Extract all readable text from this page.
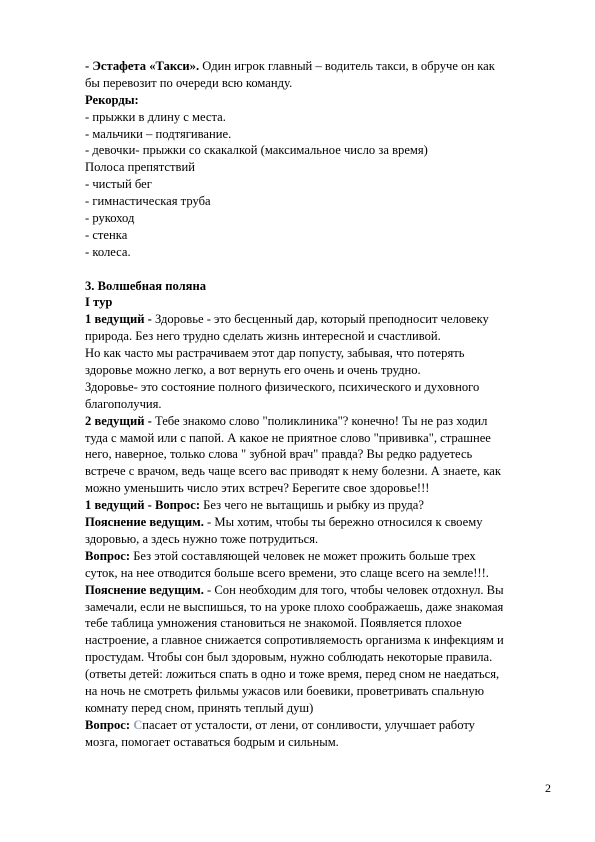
- Эстафета «Такси». Один игрок главный – водитель такси, в обруче он как
бы перевозит по очереди всю команду.
Рекорды:
- прыжки в длину с места.
- мальчики – подтягивание.
- девочки- прыжки со скакалкой (максимальное число за время)
Полоса препятствий
- чистый бег
- гимнастическая труба
- рукоход
- стенка
- колеса.
3. Волшебная поляна
I тур
1 ведущий - Здоровье - это бесценный дар, который преподносит человеку
природа. Без него трудно сделать жизнь интересной и счастливой.
Но как часто мы растрачиваем этот дар попусту, забывая, что потерять
здоровье можно легко, а вот вернуть его очень и очень трудно.
Здоровье- это состояние полного физического, психического и духовного
благополучия.
2 ведущий - Тебе знакомо слово "поликлиника"? конечно! Ты не раз ходил
туда с мамой или с папой. А какое не приятное слово "прививка", страшнее
него, наверное, только слова " зубной врач" правда? Вы редко радуетесь
встрече с врачом, ведь чаще всего вас приводят к нему болезни. А знаете, как
можно уменьшить число этих встреч? Берегите свое здоровье!!!
1 ведущий - Вопрос: Без чего не вытащишь и рыбку из пруда?
Пояснение ведущим. - Мы хотим, чтобы ты бережно относился к своему
здоровью, а здесь нужно тоже потрудиться.
Вопрос: Без этой составляющей человек не может прожить больше трех
суток, на нее отводится больше всего времени, это слаще всего на земле!!!.
Пояснение ведущим. - Сон необходим для того, чтобы человек отдохнул. Вы
замечали, если не выспишься, то на уроке плохо соображаешь, даже знакомая
тебе таблица умножения становиться не знакомой. Появляется плохое
настроение, а главное снижается сопротивляемость организма к инфекциям и
простудам. Чтобы сон был здоровым, нужно соблюдать некоторые правила.
(ответы детей: ложиться спать в одно и тоже время, перед сном не наедаться,
на ночь не смотреть фильмы ужасов или боевики, проветривать спальную
комнату перед сном, принять теплый душ)
Вопрос: Спасает от усталости, от лени, от сонливости, улучшает работу
мозга, помогает оставаться бодрым и сильным.
2
